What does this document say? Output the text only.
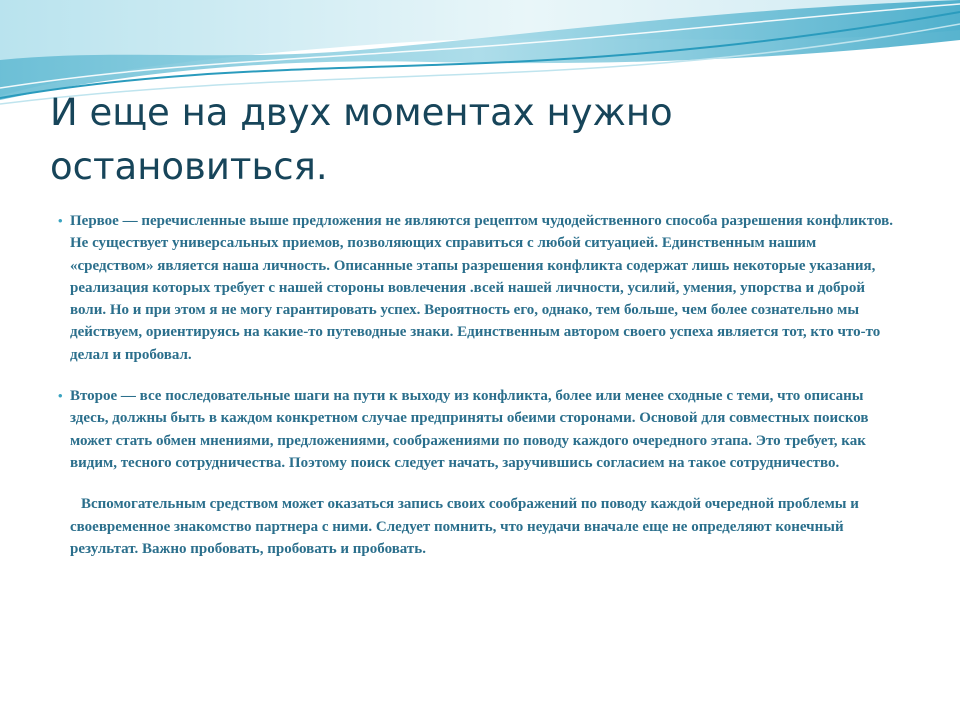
И еще на двух моментах нужно остановиться.

• Первое — перечисленные выше предложения не являются рецептом чудодейственного способа разрешения конфликтов. Не существует универсальных приемов, позволяющих справиться с любой ситуацией. Единственным нашим «средством» является наша личность. Описанные этапы разрешения конфликта содержат лишь некоторые указания, реализация которых требует с нашей стороны вовлечения .всей нашей личности, усилий, умения, упорства и доброй воли. Но и при этом я не могу гарантировать успех. Вероятность его, однако, тем больше, чем более сознательно мы действуем, ориентируясь на какие-то путеводные знаки. Единственным автором своего успеха является тот, кто что-то делал и пробовал.

• Второе — все последовательные шаги на пути к выходу из конфликта, более или менее сходные с теми, что описаны здесь, должны быть в каждом конкретном случае предприняты обеими сторонами. Основой для совместных поисков может стать обмен мнениями, предложениями, соображениями по поводу каждого очередного этапа. Это требует, как видим, тесного сотрудничества. Поэтому поиск следует начать, заручившись согласием на такое сотрудничество.

Вспомогательным средством может оказаться запись своих соображений по поводу каждой очередной проблемы и своевременное знакомство партнера с ними. Следует помнить, что неудачи вначале еще не определяют конечный результат. Важно пробовать, пробовать и пробовать.
